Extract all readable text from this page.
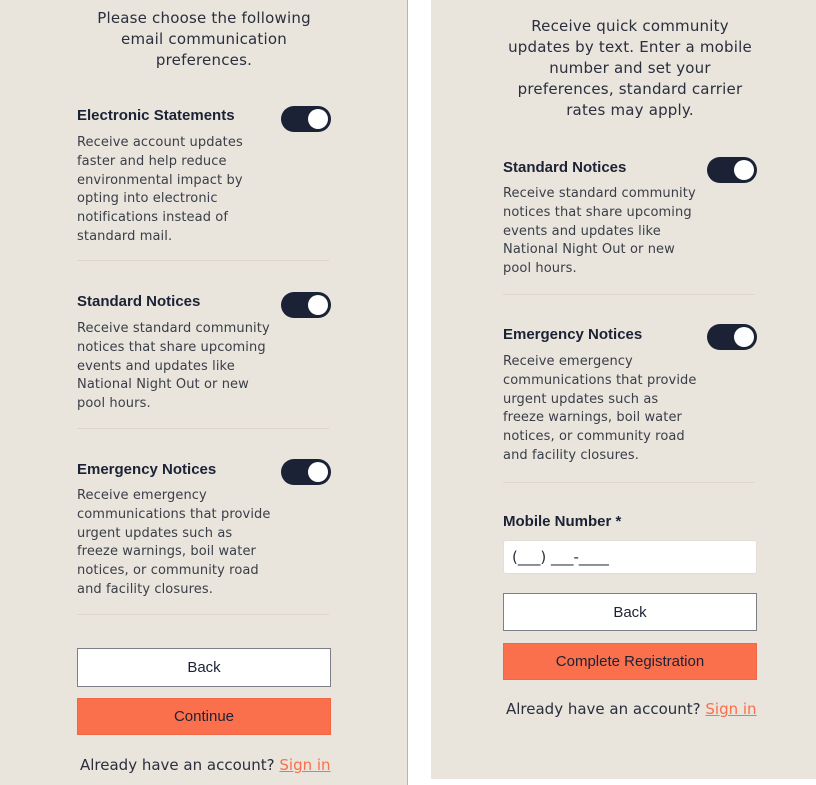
Please choose the following email communication preferences.

Electronic Statements
Receive account updates faster and help reduce environmental impact by opting into electronic notifications instead of standard mail.
Standard Notices
Receive standard community notices that share upcoming events and updates like National Night Out or new pool hours.
Emergency Notices
Receive emergency communications that provide urgent updates such as freeze warnings, boil water notices, or community road and facility closures.
Back
Continue
Already have an account? Sign in

Receive quick community updates by text. Enter a mobile number and set your preferences, standard carrier rates may apply.

Standard Notices
Receive standard community notices that share upcoming events and updates like National Night Out or new pool hours.
Emergency Notices
Receive emergency communications that provide urgent updates such as freeze warnings, boil water notices, or community road and facility closures.
Mobile Number *
(___) ___-____
Back
Complete Registration
Already have an account? Sign in
